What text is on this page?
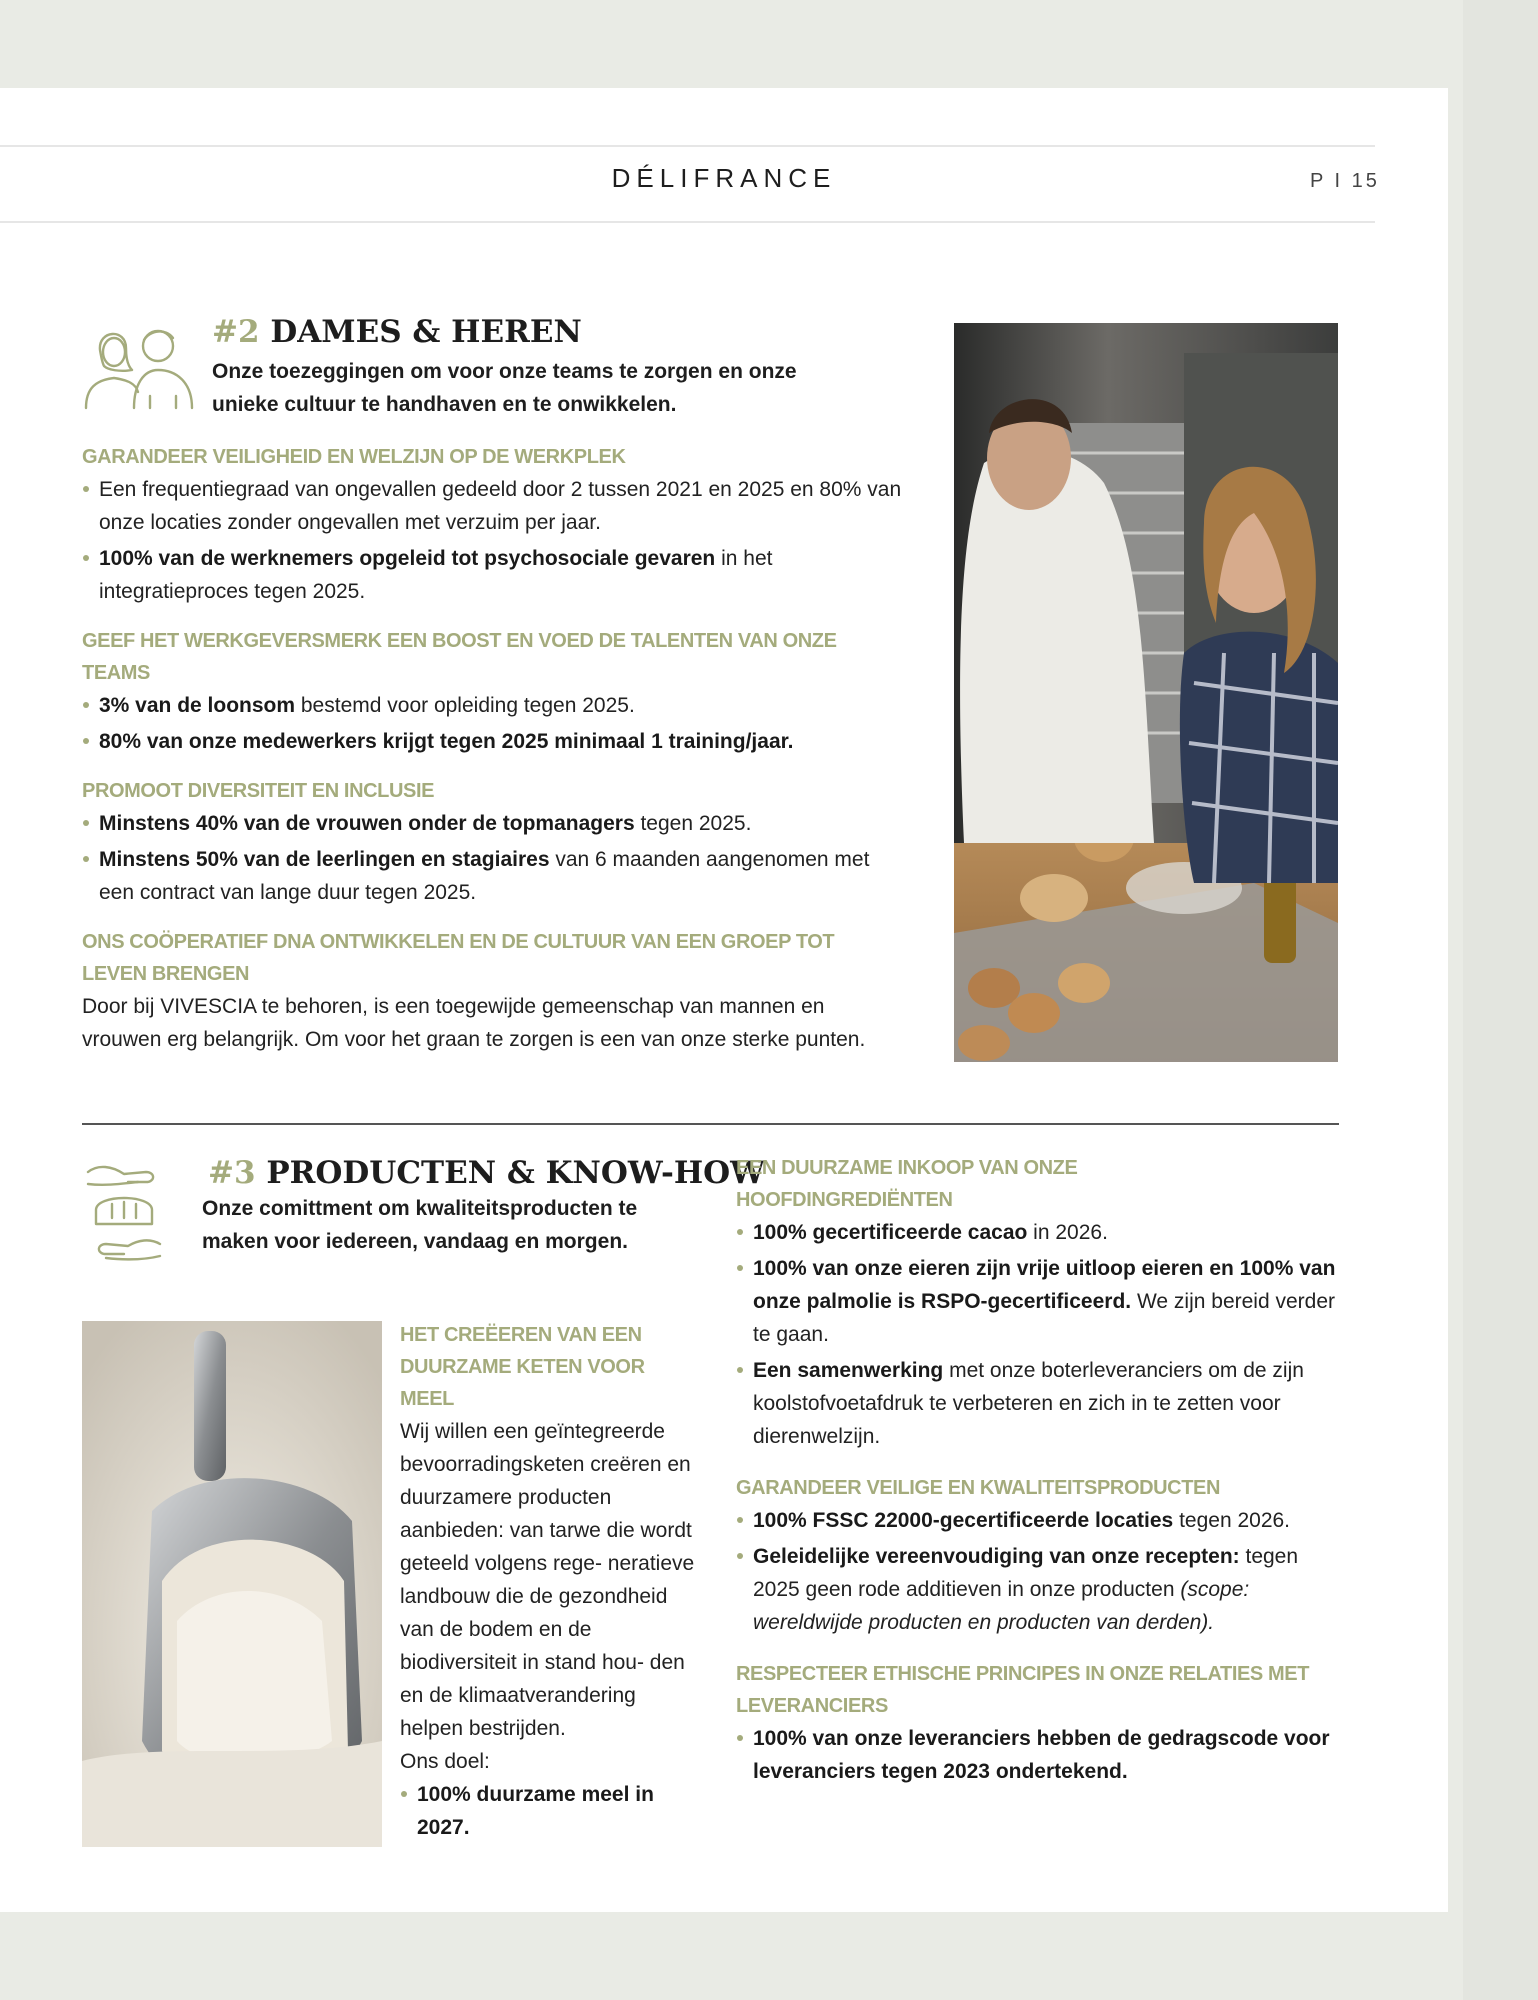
DÉLIFRANCE	P I 15
#2 DAMES & HEREN
Onze toezeggingen om voor onze teams te zorgen en onze unieke cultuur te handhaven en te onwikkelen.
GARANDEER VEILIGHEID EN WELZIJN OP DE WERKPLEK
Een frequentiegraad van ongevallen gedeeld door 2 tussen 2021 en 2025 en 80% van onze locaties zonder ongevallen met verzuim per jaar.
100% van de werknemers opgeleid tot psychosociale gevaren in het integratieproces tegen 2025.
GEEF HET WERKGEVERSMERK EEN BOOST EN VOED DE TALENTEN VAN ONZE TEAMS
3% van de loonsom bestemd voor opleiding tegen 2025.
80% van onze medewerkers krijgt tegen 2025 minimaal 1 training/jaar.
PROMOOT DIVERSITEIT EN INCLUSIE
Minstens 40% van de vrouwen onder de topmanagers tegen 2025.
Minstens 50% van de leerlingen en stagiaires van 6 maanden aangenomen met een contract van lange duur tegen 2025.
ONS COÖPERATIEF DNA ONTWIKKELEN EN DE CULTUUR VAN EEN GROEP TOT LEVEN BRENGEN
Door bij VIVESCIA te behoren, is een toegewijde gemeenschap van mannen en vrouwen erg belangrijk. Om voor het graan te zorgen is een van onze sterke punten.
#3 PRODUCTEN & KNOW-HOW
Onze comittment om kwaliteitsproducten te maken voor iedereen, vandaag en morgen.
HET CREËEREN VAN EEN DUURZAME KETEN VOOR MEEL
Wij willen een geïntegreerde bevoorradingsketen creëren en duurzamere producten aanbieden: van tarwe die wordt geteeld volgens rege- neratieve landbouw die de gezondheid van de bodem en de biodiversiteit in stand hou- den en de klimaatverandering helpen bestrijden.
Ons doel:
100% duurzame meel in 2027.
EEN DUURZAME INKOOP VAN ONZE HOOFDINGREDIËNTEN
100% gecertificeerde cacao in 2026.
100% van onze eieren zijn vrije uitloop eieren en 100% van onze palmolie is RSPO-gecertificeerd. We zijn bereid verder te gaan.
Een samenwerking met onze boterleveranciers om de zijn koolstofvoetafdruk te verbeteren en zich in te zetten voor dierenwelzijn.
GARANDEER VEILIGE EN KWALITEITSPRODUCTEN
100% FSSC 22000-gecertificeerde locaties tegen 2026.
Geleidelijke vereenvoudiging van onze recepten: tegen 2025 geen rode additieven in onze producten (scope: wereldwijde producten en producten van derden).
RESPECTEER ETHISCHE PRINCIPES IN ONZE RELATIES MET LEVERANCIERS
100% van onze leveranciers hebben de gedragscode voor leveranciers tegen 2023 ondertekend.
